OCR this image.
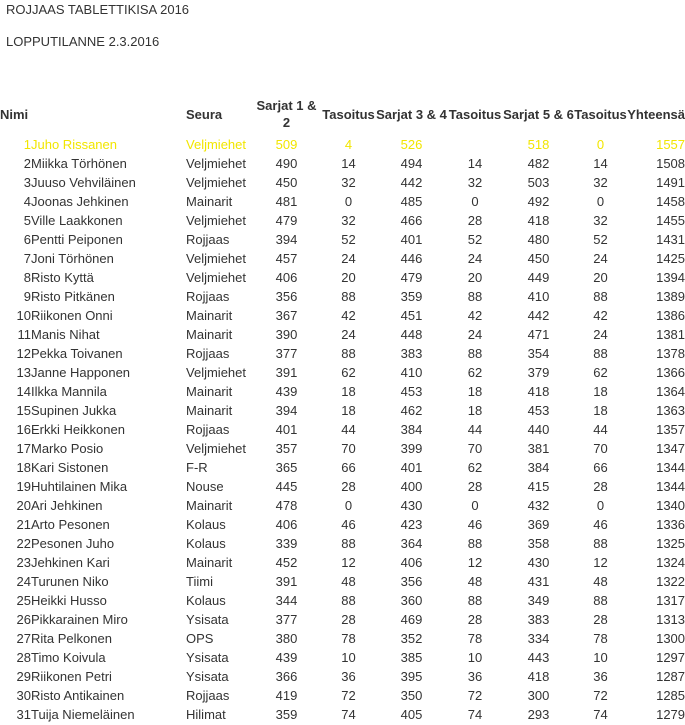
ROJJAAS TABLETTIKISA 2016
LOPPUTILANNE 2.3.2016
Nimi		Seura	Sarjat 1 & 2	Tasoitus	Sarjat 3 & 4	Tasoitus	Sarjat 5 & 6	Tasoitus	Yhteensä
1	Juho Rissanen	Veljmiehet	509	4	526		518	0	1557
2	Miikka Törhönen	Veljmiehet	490	14	494	14	482	14	1508
3	Juuso Vehviläinen	Veljmiehet	450	32	442	32	503	32	1491
4	Joonas Jehkinen	Mainarit	481	0	485	0	492	0	1458
5	Ville Laakkonen	Veljmiehet	479	32	466	28	418	32	1455
6	Pentti Peiponen	Rojjaas	394	52	401	52	480	52	1431
7	Joni Törhönen	Veljmiehet	457	24	446	24	450	24	1425
8	Risto Kyttä	Veljmiehet	406	20	479	20	449	20	1394
9	Risto Pitkänen	Rojjaas	356	88	359	88	410	88	1389
10	Riikonen Onni	Mainarit	367	42	451	42	442	42	1386
11	Manis Nihat	Mainarit	390	24	448	24	471	24	1381
12	Pekka Toivanen	Rojjaas	377	88	383	88	354	88	1378
13	Janne Happonen	Veljmiehet	391	62	410	62	379	62	1366
14	Ilkka Mannila	Mainarit	439	18	453	18	418	18	1364
15	Supinen Jukka	Mainarit	394	18	462	18	453	18	1363
16	Erkki Heikkonen	Rojjaas	401	44	384	44	440	44	1357
17	Marko Posio	Veljmiehet	357	70	399	70	381	70	1347
18	Kari Sistonen	F-R	365	66	401	62	384	66	1344
19	Huhtilainen Mika	Nouse	445	28	400	28	415	28	1344
20	Ari Jehkinen	Mainarit	478	0	430	0	432	0	1340
21	Arto Pesonen	Kolaus	406	46	423	46	369	46	1336
22	Pesonen Juho	Kolaus	339	88	364	88	358	88	1325
23	Jehkinen Kari	Mainarit	452	12	406	12	430	12	1324
24	Turunen Niko	Tiimi	391	48	356	48	431	48	1322
25	Heikki Husso	Kolaus	344	88	360	88	349	88	1317
26	Pikkarainen Miro	Ysisata	377	28	469	28	383	28	1313
27	Rita Pelkonen	OPS	380	78	352	78	334	78	1300
28	Timo Koivula	Ysisata	439	10	385	10	443	10	1297
29	Riikonen Petri	Ysisata	366	36	395	36	418	36	1287
30	Risto Antikainen	Rojjaas	419	72	350	72	300	72	1285
31	Tuija Niemeläinen	Hilimat	359	74	405	74	293	74	1279
